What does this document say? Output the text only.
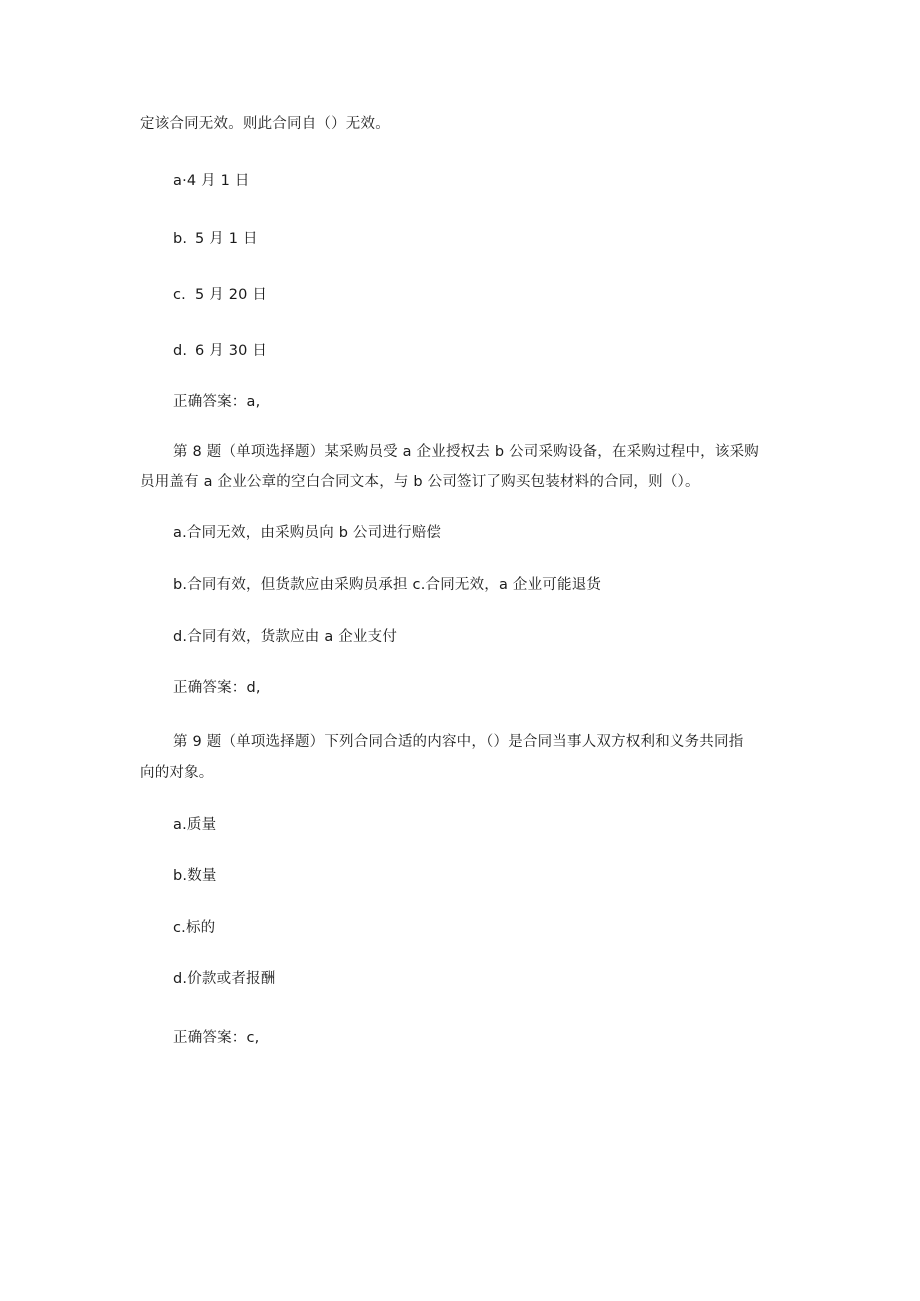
定该合同无效。则此合同自（）无效。
a·4 月 1 日
b. 5 月 1 日
c. 5 月 20 日
d. 6 月 30 日
正确答案：a,
第 8 题（单项选择题）某采购员受 a 企业授权去 b 公司采购设备，在采购过程中，该采购
员用盖有 a 企业公章的空白合同文本，与 b 公司签订了购买包装材料的合同，则（）。
a.合同无效，由采购员向 b 公司进行赔偿
b.合同有效，但货款应由采购员承担 c.合同无效，a 企业可能退货
d.合同有效，货款应由 a 企业支付
正确答案：d,
第 9 题（单项选择题）下列合同合适的内容中，（）是合同当事人双方权利和义务共同指
向的对象。
a.质量
b.数量
c.标的
d.价款或者报酬
正确答案：c,
